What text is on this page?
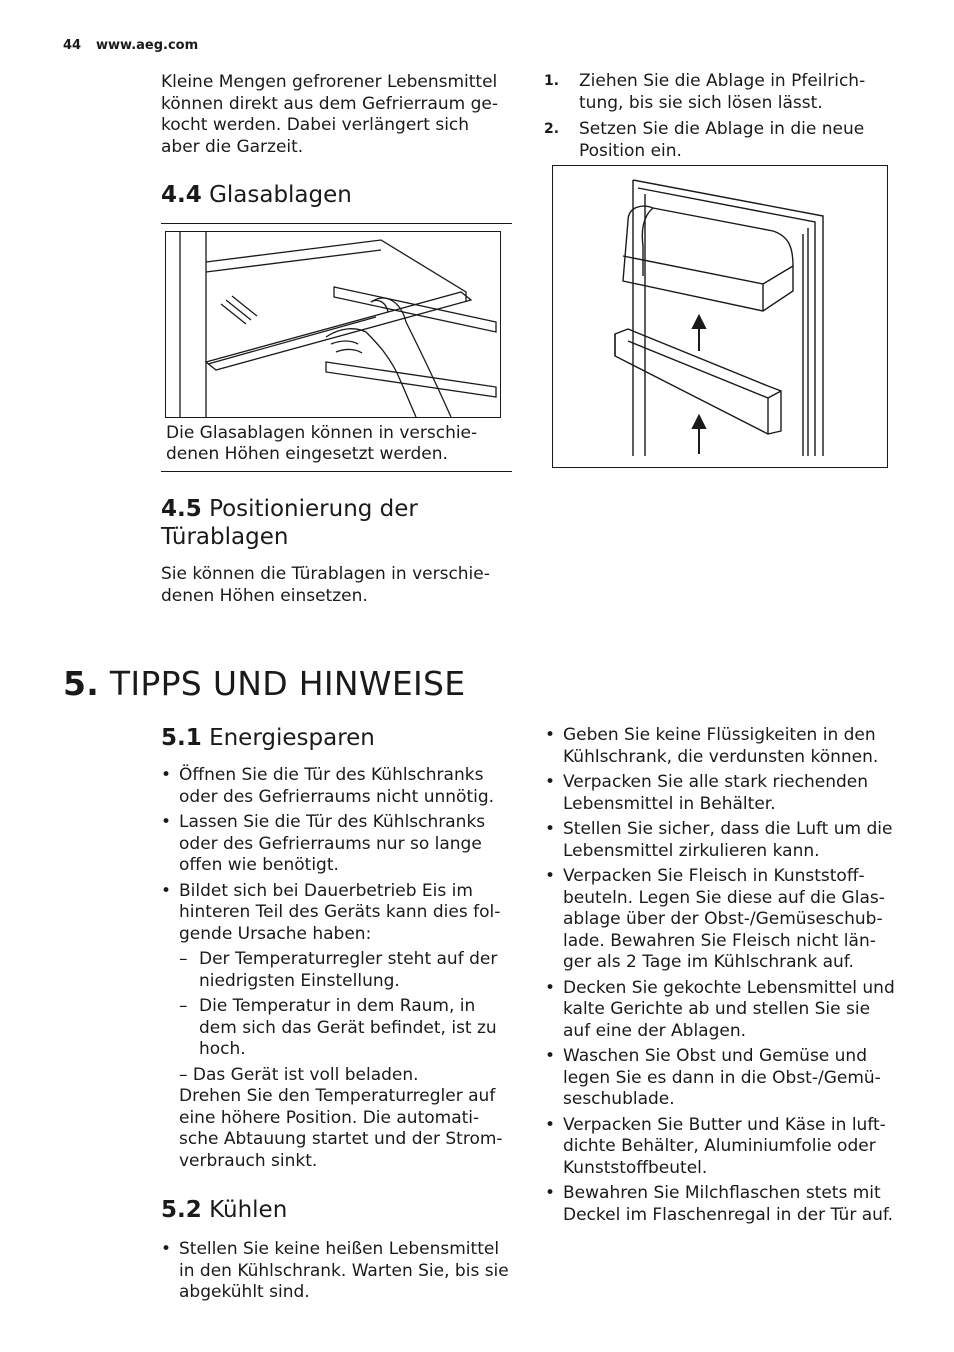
44 www.aeg.com

Kleine Mengen gefrorener Lebensmittel können direkt aus dem Gefrierraum ge-kocht werden. Dabei verlängert sich aber die Garzeit.

4.4 Glasablagen
Die Glasablagen können in verschie-denen Höhen eingesetzt werden.
4.5 Positionierung der Türablagen

Sie können die Türablagen in verschie-denen Höhen einsetzen.

1. Ziehen Sie die Ablage in Pfeilrich-tung, bis sie sich lösen lässt.
2. Setzen Sie die Ablage in die neue Position ein.
5. TIPPS UND HINWEISE
5.1 Energiesparen
• Öffnen Sie die Tür des Kühlschranks oder des Gefrierraums nicht unnötig.
• Lassen Sie die Tür des Kühlschranks oder des Gefrierraums nur so lange offen wie benötigt.
• Bildet sich bei Dauerbetrieb Eis im hinteren Teil des Geräts kann dies fol-gende Ursache haben:
– Der Temperaturregler steht auf der niedrigsten Einstellung.
– Die Temperatur in dem Raum, in dem sich das Gerät befindet, ist zu hoch.
– Das Gerät ist voll beladen.
Drehen Sie den Temperaturregler auf eine höhere Position. Die automati-sche Abtauung startet und der Strom-verbrauch sinkt.
5.2 Kühlen
• Stellen Sie keine heißen Lebensmittel in den Kühlschrank. Warten Sie, bis sie abgekühlt sind.
• Geben Sie keine Flüssigkeiten in den Kühlschrank, die verdunsten können.
• Verpacken Sie alle stark riechenden Lebensmittel in Behälter.
• Stellen Sie sicher, dass die Luft um die Lebensmittel zirkulieren kann.
• Verpacken Sie Fleisch in Kunststoff-beuteln. Legen Sie diese auf die Glas-ablage über der Obst-/Gemüseschub-lade. Bewahren Sie Fleisch nicht län-ger als 2 Tage im Kühlschrank auf.
• Decken Sie gekochte Lebensmittel und kalte Gerichte ab und stellen Sie sie auf eine der Ablagen.
• Waschen Sie Obst und Gemüse und legen Sie es dann in die Obst-/Gemü-seschublade.
• Verpacken Sie Butter und Käse in luft-dichte Behälter, Aluminiumfolie oder Kunststoffbeutel.
• Bewahren Sie Milchflaschen stets mit Deckel im Flaschenregal in der Tür auf.
